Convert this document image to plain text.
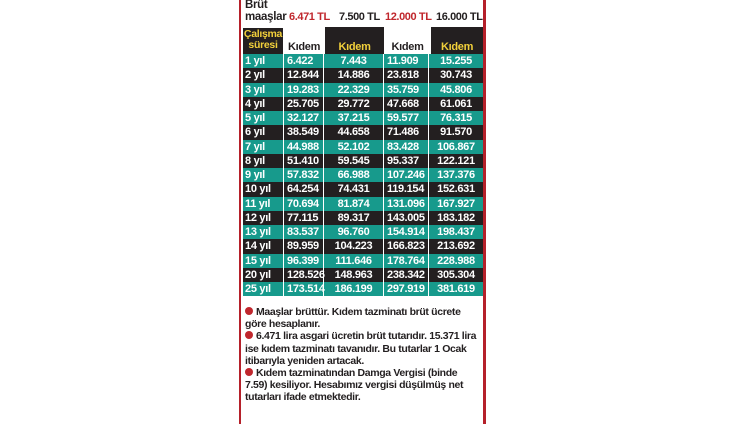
Brüt
maaşlar 6.471 TL 7.500 TL 12.000 TL 16.000 TL
Çalışma
süresi Kıdem	Kıdem	Kıdem	Kıdem
1 yıl	6.422	7.443	11.909	15.255
2 yıl	12.844	14.886	23.818	30.743
3 yıl	19.283	22.329	35.759	45.806
4 yıl	25.705	29.772	47.668	61.061
5 yıl	32.127	37.215	59.577	76.315
6 yıl	38.549	44.658	71.486	91.570
7 yıl	44.988	52.102	83.428	106.867
8 yıl	51.410	59.545	95.337	122.121
9 yıl	57.832	66.988	107.246	137.376
10 yıl	64.254	74.431	119.154	152.631
11 yıl	70.694	81.874	131.096	167.927
12 yıl	77.115	89.317	143.005	183.182
13 yıl	83.537	96.760	154.914	198.437
14 yıl	89.959	104.223	166.823	213.692
15 yıl	96.399	111.646	178.764	228.988
20 yıl	128.526 148.963	238.342	305.304
25 yıl	173.514 186.199	297.919	381.619

Maaşlar brüttür. Kıdem tazminatı brüt ücrete göre hesaplanır.

6.471 lira asgari ücretin brüt tutarıdır. 15.371 lira ise kıdem tazminatı tavanıdır. Bu tutarlar 1 Ocak itibarıyla yeniden artacak.

Kıdem tazminatından Damga Vergisi (binde 7.59) kesiliyor. Hesabımız vergisi düşülmüş net tutarları ifade etmektedir.
